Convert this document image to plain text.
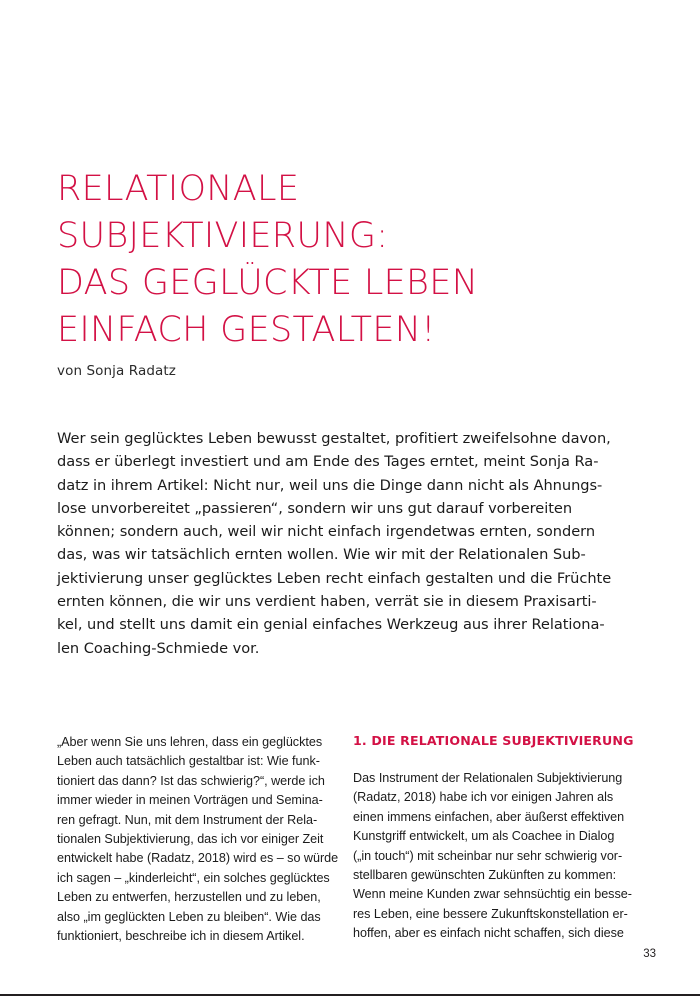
RELATIONALE
SUBJEKTIVIERUNG:
DAS GEGLÜCKTE LEBEN
EINFACH GESTALTEN!
von Sonja Radatz
Wer sein geglücktes Leben bewusst gestaltet, profitiert zweifelsohne davon,
dass er überlegt investiert und am Ende des Tages erntet, meint Sonja Ra-
datz in ihrem Artikel: Nicht nur, weil uns die Dinge dann nicht als Ahnungs-
lose unvorbereitet „passieren“, sondern wir uns gut darauf vorbereiten
können; sondern auch, weil wir nicht einfach irgendetwas ernten, sondern
das, was wir tatsächlich ernten wollen. Wie wir mit der Relationalen Sub-
jektivierung unser geglücktes Leben recht einfach gestalten und die Früchte
ernten können, die wir uns verdient haben, verrät sie in diesem Praxisarti-
kel, und stellt uns damit ein genial einfaches Werkzeug aus ihrer Relationa-
len Coaching-Schmiede vor.
„Aber wenn Sie uns lehren, dass ein geglücktes
Leben auch tatsächlich gestaltbar ist: Wie funk-
tioniert das dann? Ist das schwierig?“, werde ich
immer wieder in meinen Vorträgen und Semina-
ren gefragt. Nun, mit dem Instrument der Rela-
tionalen Subjektivierung, das ich vor einiger Zeit
entwickelt habe (Radatz, 2018) wird es – so würde
ich sagen – „kinderleicht“, ein solches geglücktes
Leben zu entwerfen, herzustellen und zu leben,
also „im geglückten Leben zu bleiben“. Wie das
funktioniert, beschreibe ich in diesem Artikel.
1. DIE RELATIONALE SUBJEKTIVIERUNG
Das Instrument der Relationalen Subjektivierung
(Radatz, 2018) habe ich vor einigen Jahren als
einen immens einfachen, aber äußerst effektiven
Kunstgriff entwickelt, um als Coachee in Dialog
(„in touch“) mit scheinbar nur sehr schwierig vor-
stellbaren gewünschten Zukünften zu kommen:
Wenn meine Kunden zwar sehnsüchtig ein besse-
res Leben, eine bessere Zukunftskonstellation er-
hoffen, aber es einfach nicht schaffen, sich diese
33
